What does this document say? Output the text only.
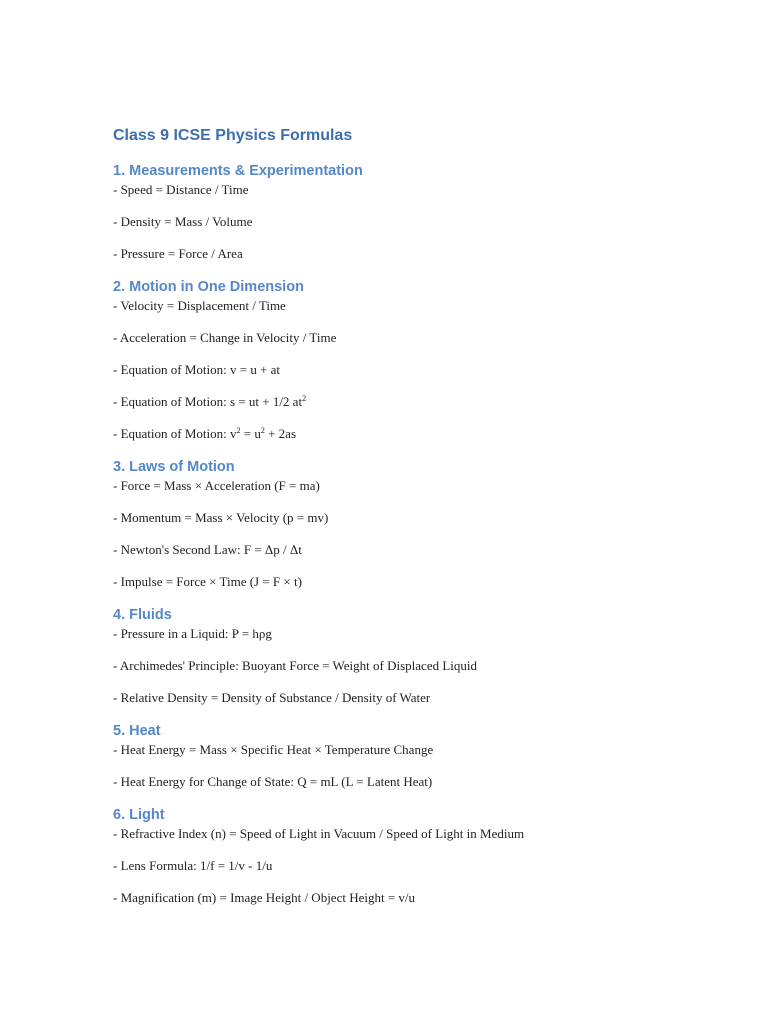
Class 9 ICSE Physics Formulas
1. Measurements & Experimentation

- Speed = Distance / Time

- Density = Mass / Volume

- Pressure = Force / Area

2. Motion in One Dimension

- Velocity = Displacement / Time

- Acceleration = Change in Velocity / Time

- Equation of Motion: v = u + at

- Equation of Motion: s = ut + 1/2 $at^2$

- Equation of Motion: $v^2 = u^2 + 2as$

3. Laws of Motion

- Force = Mass × Acceleration (F = ma)

- Momentum = Mass × Velocity (p = mv)

- Newton's Second Law: F = Δp / Δt

- Impulse = Force × Time (J = F × t)

4. Fluids

- Pressure in a Liquid: P = hρg

- Archimedes' Principle: Buoyant Force = Weight of Displaced Liquid

- Relative Density = Density of Substance / Density of Water

5. Heat

- Heat Energy = Mass × Specific Heat × Temperature Change

- Heat Energy for Change of State: Q = mL (L = Latent Heat)

6. Light

- Refractive Index (n) = Speed of Light in Vacuum / Speed of Light in Medium

- Lens Formula: 1/f = 1/v - 1/u

- Magnification (m) = Image Height / Object Height = v/u
